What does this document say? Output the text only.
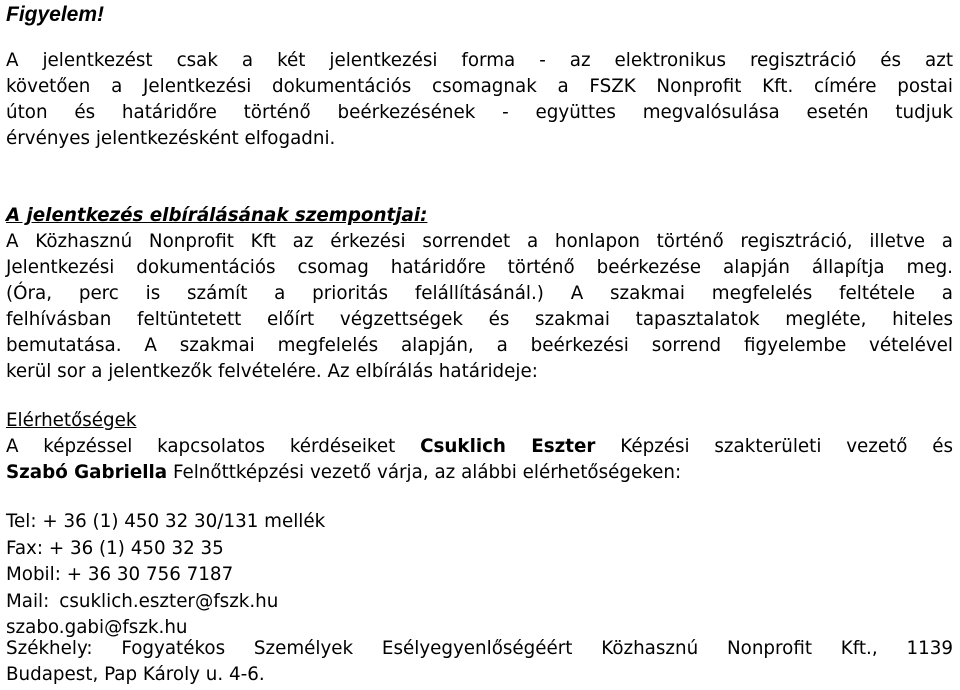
Figyelem!
A jelentkezést csak a két jelentkezési forma - az elektronikus regisztráció és azt
követően a Jelentkezési dokumentációs csomagnak a FSZK Nonprofit Kft. címére postai
úton és határidőre történő beérkezésének - együttes megvalósulása esetén tudjuk
érvényes jelentkezésként elfogadni.
A jelentkezés elbírálásának szempontjai:
A Közhasznú Nonprofit Kft az érkezési sorrendet a honlapon történő regisztráció, illetve a
Jelentkezési dokumentációs csomag határidőre történő beérkezése alapján állapítja meg.
(Óra, perc is számít a prioritás felállításánál.) A szakmai megfelelés feltétele a
felhívásban feltüntetett előírt végzettségek és szakmai tapasztalatok megléte, hiteles
bemutatása. A szakmai megfelelés alapján, a beérkezési sorrend figyelembe vételével
kerül sor a jelentkezők felvételére. Az elbírálás határideje:
Elérhetőségek
A képzéssel kapcsolatos kérdéseiket Csuklich Eszter Képzési szakterületi vezető és
Szabó Gabriella Felnőttképzési vezető várja, az alábbi elérhetőségeken:
Tel: + 36 (1) 450 32 30/131 mellék
Fax: + 36 (1) 450 32 35
Mobil: + 36 30 756 7187
Mail: csuklich.eszter@fszk.hu
szabo.gabi@fszk.hu
Székhely: Fogyatékos Személyek Esélyegyenlőségéért Közhasznú Nonprofit Kft., 1139
Budapest, Pap Károly u. 4-6.
